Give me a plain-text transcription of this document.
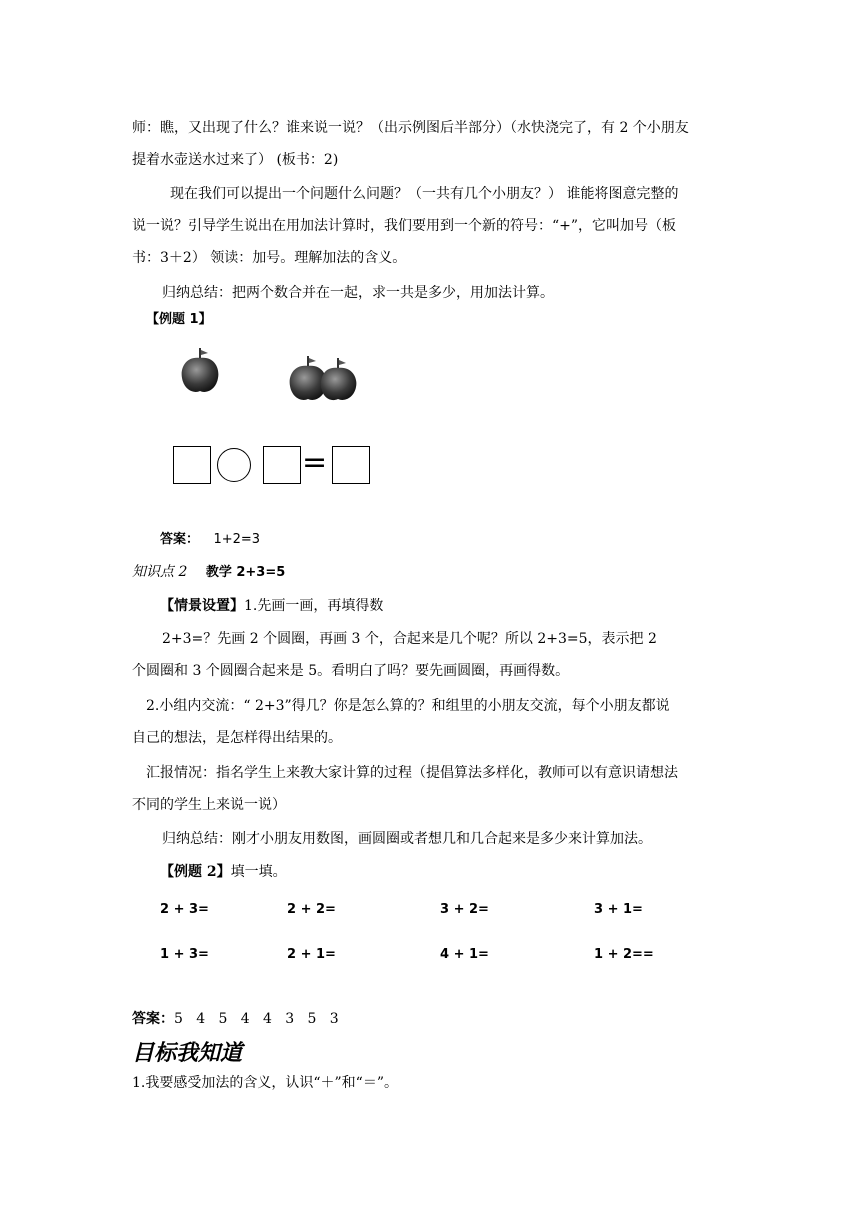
师：瞧，又出现了什么？谁来说一说？（出示例图后半部分）（水快浇完了，有 2 个小朋友
提着水壶送水过来了） (板书：2)
现在我们可以提出一个问题什么问题？（一共有几个小朋友？） 谁能将图意完整的
说一说？引导学生说出在用加法计算时，我们要用到一个新的符号：“+”，它叫加号（板
书：3＋2） 领读：加号。理解加法的含义。
归纳总结：把两个数合并在一起，求一共是多少，用加法计算。
【例题 1】
=
答案： 1+2=3
知识点 2 教学 2+3=5
【情景设置】1.先画一画，再填得数
2+3=？先画 2 个圆圈，再画 3 个，合起来是几个呢？所以 2+3=5，表示把 2
个圆圈和 3 个圆圈合起来是 5。看明白了吗？要先画圆圈，再画得数。
2.小组内交流：“ 2+3”得几？你是怎么算的？和组里的小朋友交流，每个小朋友都说
自己的想法，是怎样得出结果的。
汇报情况：指名学生上来教大家计算的过程（提倡算法多样化，教师可以有意识请想法
不同的学生上来说一说）
归纳总结：刚才小朋友用数图，画圆圈或者想几和几合起来是多少来计算加法。
【例题 2】填一填。
2 + 3=	2 + 2=	3 + 2=	3 + 1=
1 + 3=	2 + 1=	4 + 1=	1 + 2==
答案：5   4   5   4   4   3   5   3
目标我知道
1.我要感受加法的含义，认识“＋”和“＝”。
